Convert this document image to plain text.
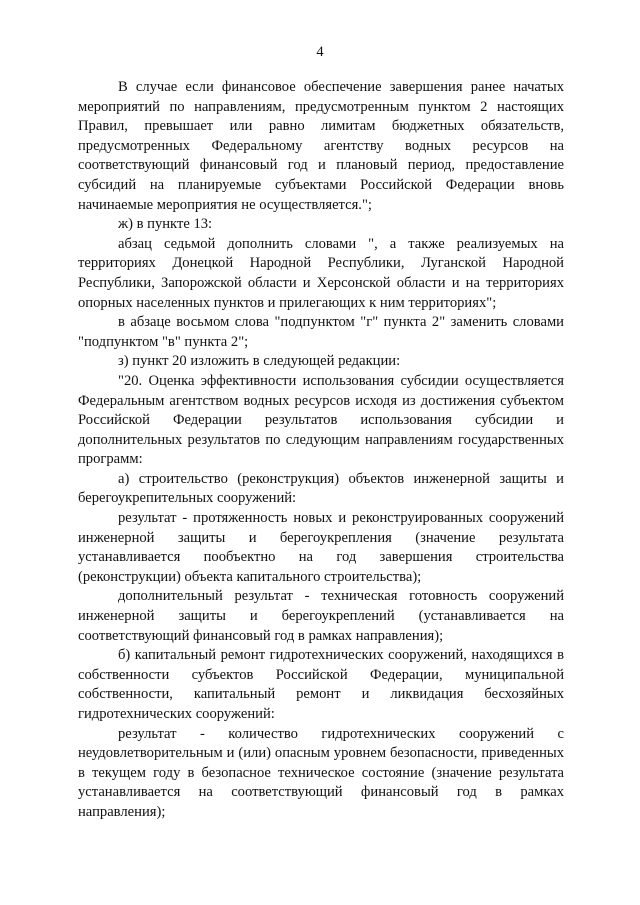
4

В случае если финансовое обеспечение завершения ранее начатых мероприятий по направлениям, предусмотренным пунктом 2 настоящих Правил, превышает или равно лимитам бюджетных обязательств, предусмотренных Федеральному агентству водных ресурсов на соответствующий финансовый год и плановый период, предоставление субсидий на планируемые субъектами Российской Федерации вновь начинаемые мероприятия не осуществляется.";

ж) в пункте 13:

абзац седьмой дополнить словами ", а также реализуемых на территориях Донецкой Народной Республики, Луганской Народной Республики, Запорожской области и Херсонской области и на территориях опорных населенных пунктов и прилегающих к ним территориях";

в абзаце восьмом слова "подпунктом "г" пункта 2" заменить словами "подпунктом "в" пункта 2";

з) пункт 20 изложить в следующей редакции:

"20. Оценка эффективности использования субсидии осуществляется Федеральным агентством водных ресурсов исходя из достижения субъектом Российской Федерации результатов использования субсидии и дополнительных результатов по следующим направлениям государственных программ:

а) строительство (реконструкция) объектов инженерной защиты и берегоукрепительных сооружений:

результат - протяженность новых и реконструированных сооружений инженерной защиты и берегоукрепления (значение результата устанавливается пообъектно на год завершения строительства (реконструкции) объекта капитального строительства);

дополнительный результат - техническая готовность сооружений инженерной защиты и берегоукреплений (устанавливается на соответствующий финансовый год в рамках направления);

б) капитальный ремонт гидротехнических сооружений, находящихся в собственности субъектов Российской Федерации, муниципальной собственности, капитальный ремонт и ликвидация бесхозяйных гидротехнических сооружений:

результат - количество гидротехнических сооружений с неудовлетворительным и (или) опасным уровнем безопасности, приведенных в текущем году в безопасное техническое состояние (значение результата устанавливается на соответствующий финансовый год в рамках направления);
